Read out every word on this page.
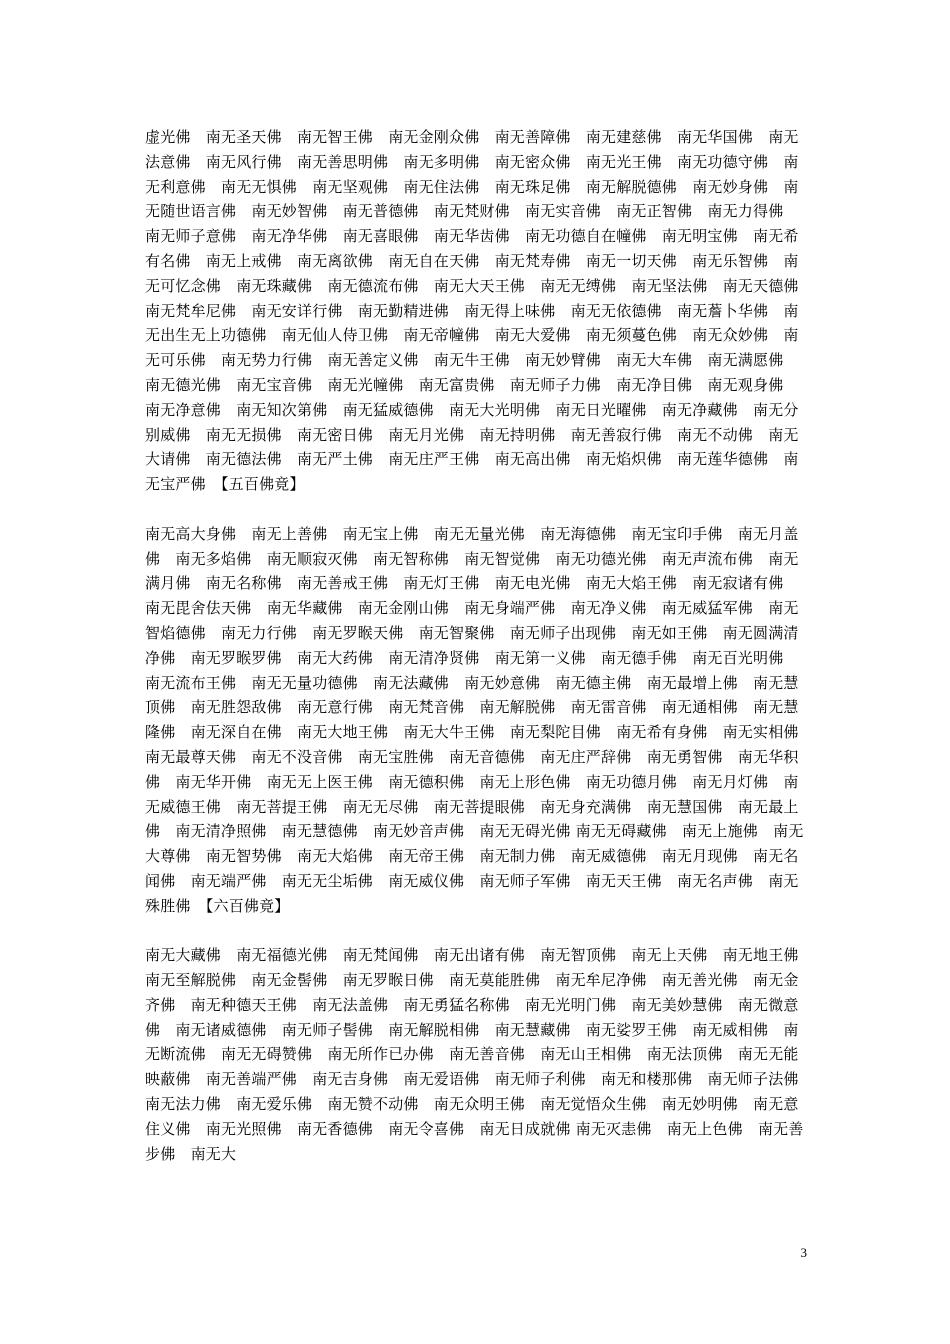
虚光佛　南无圣天佛　南无智王佛　南无金刚众佛　南无善障佛　南无建慈佛　南无华国佛　南无法意佛　南无风行佛　南无善思明佛　南无多明佛　南无密众佛　南无光王佛　南无功德守佛　南无利意佛　南无无惧佛　南无坚观佛　南无住法佛　南无珠足佛　南无解脱德佛　南无妙身佛　南无随世语言佛　南无妙智佛　南无普德佛　南无梵财佛　南无实音佛　南无正智佛　南无力得佛　南无师子意佛　南无净华佛　南无喜眼佛　南无华齿佛　南无功德自在幢佛　南无明宝佛　南无希有名佛　南无上戒佛　南无离欲佛　南无自在天佛　南无梵寿佛　南无一切天佛　南无乐智佛　南无可忆念佛　南无珠藏佛　南无德流布佛　南无大天王佛　南无无缚佛　南无坚法佛　南无天德佛　南无梵牟尼佛　南无安详行佛　南无勤精进佛　南无得上味佛　南无无依德佛　南无薝卜华佛　南无出生无上功德佛　南无仙人侍卫佛　南无帝幢佛　南无大爱佛　南无须蔓色佛　南无众妙佛　南无可乐佛　南无势力行佛　南无善定义佛　南无牛王佛　南无妙臂佛　南无大车佛　南无满愿佛　南无德光佛　南无宝音佛　南无光幢佛　南无富贵佛　南无师子力佛　南无净目佛　南无观身佛　南无净意佛　南无知次第佛　南无猛威德佛　南无大光明佛　南无日光曜佛　南无净藏佛　南无分别威佛　南无无损佛　南无密日佛　南无月光佛　南无持明佛　南无善寂行佛　南无不动佛　南无大请佛　南无德法佛　南无严土佛　南无庄严王佛　南无高出佛　南无焰炽佛　南无莲华德佛　南无宝严佛　【五百佛竟】

南无高大身佛　南无上善佛　南无宝上佛　南无无量光佛　南无海德佛　南无宝印手佛　南无月盖佛　南无多焰佛　南无顺寂灭佛　南无智称佛　南无智觉佛　南无功德光佛　南无声流布佛　南无满月佛　南无名称佛　南无善戒王佛　南无灯王佛　南无电光佛　南无大焰王佛　南无寂诸有佛　南无毘舍佉天佛　南无华藏佛　南无金刚山佛　南无身端严佛　南无净义佛　南无威猛军佛　南无智焰德佛　南无力行佛　南无罗睺天佛　南无智聚佛　南无师子出现佛　南无如王佛　南无圆满清净佛　南无罗睺罗佛　南无大药佛　南无清净贤佛　南无第一义佛　南无德手佛　南无百光明佛　南无流布王佛　南无无量功德佛　南无法藏佛　南无妙意佛　南无德主佛　南无最增上佛　南无慧顶佛　南无胜怨敌佛　南无意行佛　南无梵音佛　南无解脱佛　南无雷音佛　南无通相佛　南无慧隆佛　南无深自在佛　南无大地王佛　南无大牛王佛　南无梨陀目佛　南无希有身佛　南无实相佛　南无最尊天佛　南无不没音佛　南无宝胜佛　南无音德佛　南无庄严辞佛　南无勇智佛　南无华积佛　南无华开佛　南无无上医王佛　南无德积佛　南无上形色佛　南无功德月佛　南无月灯佛　南无威德王佛　南无菩提王佛　南无无尽佛　南无菩提眼佛　南无身充满佛　南无慧国佛　南无最上佛　南无清净照佛　南无慧德佛　南无妙音声佛　南无无碍光佛 南无无碍藏佛　南无上施佛　南无大尊佛　南无智势佛　南无大焰佛　南无帝王佛　南无制力佛　南无威德佛　南无月现佛　南无名闻佛　南无端严佛　南无无尘垢佛　南无威仪佛　南无师子军佛　南无天王佛　南无名声佛　南无殊胜佛　【六百佛竟】

南无大藏佛　南无福德光佛　南无梵闻佛　南无出诸有佛　南无智顶佛　南无上天佛　南无地王佛　南无至解脱佛　南无金髻佛　南无罗睺日佛　南无莫能胜佛　南无牟尼净佛　南无善光佛　南无金齐佛　南无种德天王佛　南无法盖佛　南无勇猛名称佛　南无光明门佛　南无美妙慧佛　南无微意佛　南无诸威德佛　南无师子髻佛　南无解脱相佛　南无慧藏佛　南无娑罗王佛　南无威相佛　南无断流佛　南无无碍赞佛　南无所作已办佛　南无善音佛　南无山王相佛　南无法顶佛　南无无能映蔽佛　南无善端严佛　南无吉身佛　南无爱语佛　南无师子利佛　南无和楼那佛　南无师子法佛　南无法力佛　南无爱乐佛　南无赞不动佛　南无众明王佛　南无觉悟众生佛　南无妙明佛　南无意住义佛　南无光照佛　南无香德佛　南无令喜佛　南无日成就佛 南无灭恚佛　南无上色佛　南无善步佛　南无大

3
